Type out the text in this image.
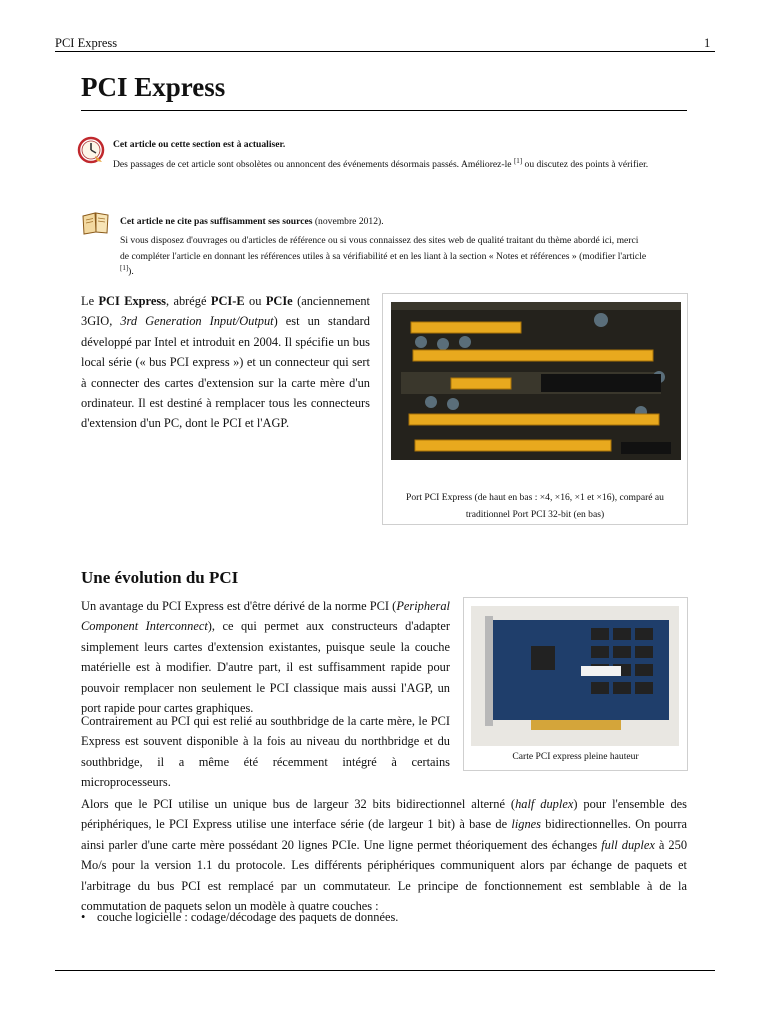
PCI Express	1
PCI Express
Cet article ou cette section est à actualiser.
Des passages de cet article sont obsolètes ou annoncent des événements désormais passés. Améliorez-le [1] ou discutez des points à vérifier.
Cet article ne cite pas suffisamment ses sources (novembre 2012).
Si vous disposez d'ouvrages ou d'articles de référence ou si vous connaissez des sites web de qualité traitant du thème abordé ici, merci
de compléter l'article en donnant les références utiles à sa vérifiabilité et en les liant à la section « Notes et références » (modifier l'article
[1]).
Le PCI Express, abrégé PCI-E ou PCIe (anciennement 3GIO, 3rd Generation Input/Output) est un standard développé par Intel et introduit en 2004. Il spécifie un bus local série (« bus PCI express ») et un connecteur qui sert à connecter des cartes d'extension sur la carte mère d'un ordinateur. Il est destiné à remplacer tous les connecteurs d'extension d'un PC, dont le PCI et l'AGP.
Port PCI Express (de haut en bas : ×4, ×16, ×1 et ×16), comparé au
traditionnel Port PCI 32-bit (en bas)
Une évolution du PCI
Un avantage du PCI Express est d'être dérivé de la norme PCI (Peripheral Component Interconnect), ce qui permet aux constructeurs d'adapter simplement leurs cartes d'extension existantes, puisque seule la couche matérielle est à modifier. D'autre part, il est suffisamment rapide pour pouvoir remplacer non seulement le PCI classique mais aussi l'AGP, un port rapide pour cartes graphiques.
Contrairement au PCI qui est relié au southbridge de la carte mère, le PCI Express est souvent disponible à la fois au niveau du northbridge et du southbridge, il a même été récemment intégré à certains microprocesseurs.
Carte PCI express pleine hauteur
Alors que le PCI utilise un unique bus de largeur 32 bits bidirectionnel alterné (half duplex) pour l'ensemble des périphériques, le PCI Express utilise une interface série (de largeur 1 bit) à base de lignes bidirectionnelles. On pourra ainsi parler d'une carte mère possédant 20 lignes PCIe. Une ligne permet théoriquement des échanges full duplex à 250 Mo/s pour la version 1.1 du protocole. Les différents périphériques communiquent alors par échange de paquets et l'arbitrage du bus PCI est remplacé par un commutateur. Le principe de fonctionnement est semblable à de la commutation de paquets selon un modèle à quatre couches :
• couche logicielle : codage/décodage des paquets de données.
